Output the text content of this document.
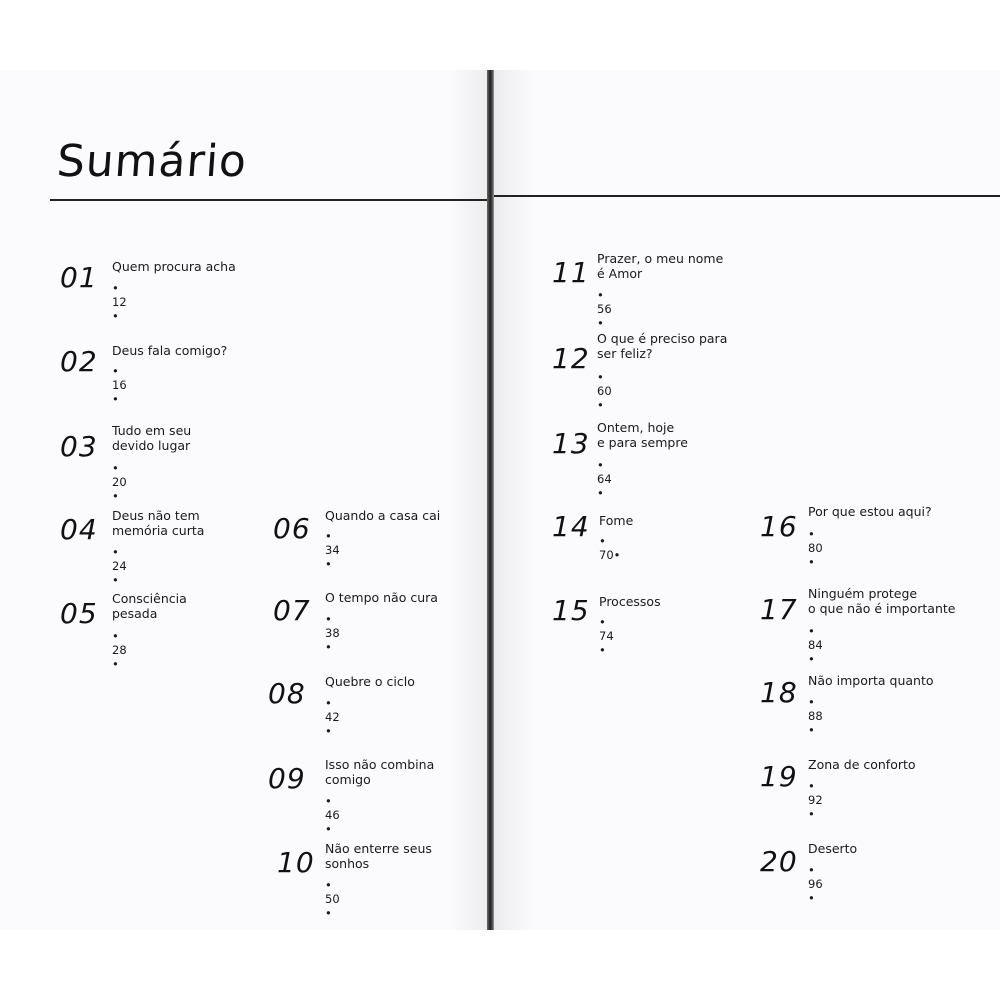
Sumário
01 Quem procura acha
• 12 •
02 Deus fala comigo?
• 16 •
03 Tudo em seu
devido lugar
• 20 •
04 Deus não tem
memória curta
• 24 •
05 Consciência
pesada
• 28 •
06 Quando a casa cai
• 34 •
07 O tempo não cura
• 38 •
08 Quebre o ciclo
• 42 •
09 Isso não combina
comigo
• 46 •
10 Não enterre seus
sonhos
• 50 •
11 Prazer, o meu nome
é Amor
• 56 •
12
O que é preciso para
ser feliz?
• 60 •
13 Ontem, hoje
e para sempre
• 64 •
14 Fome
• 70•
15 Processos
• 74 •
16 Por que estou aqui?
• 80 •
17 Ninguém protege
o que não é importante
• 84 •
18 Não importa quanto
• 88 •
19 Zona de conforto
• 92 •
20 Deserto
• 96 •
